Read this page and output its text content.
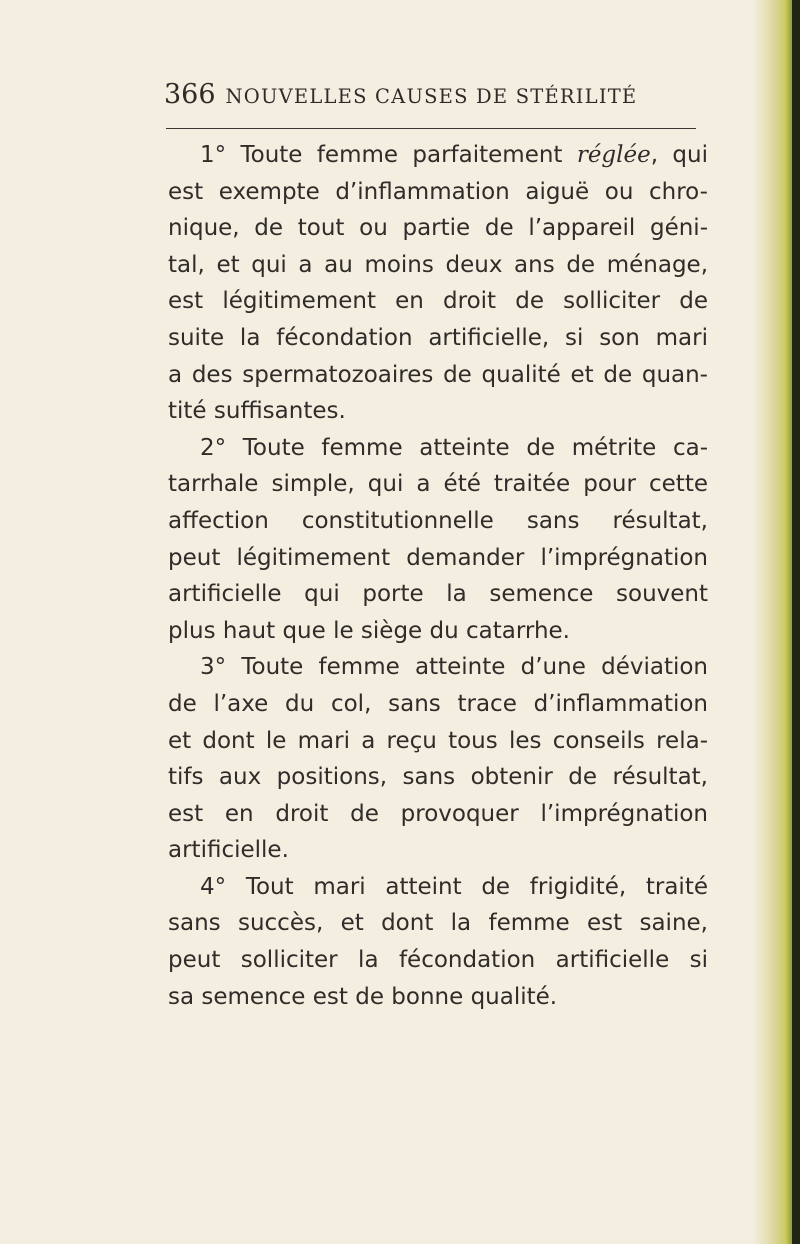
366 NOUVELLES CAUSES DE STÉRILITÉ
1° Toute femme parfaitement réglée, qui
est exempte d’inflammation aiguë ou chro-
nique, de tout ou partie de l’appareil géni-
tal, et qui a au moins deux ans de ménage,
est légitimement en droit de solliciter de
suite la fécondation artificielle, si son mari
a des spermatozoaires de qualité et de quan-
tité suffisantes.
2° Toute femme atteinte de métrite ca-
tarrhale simple, qui a été traitée pour cette
affection constitutionnelle sans résultat,
peut légitimement demander l’imprégnation
artificielle qui porte la semence souvent
plus haut que le siège du catarrhe.
3° Toute femme atteinte d’une déviation
de l’axe du col, sans trace d’inflammation
et dont le mari a reçu tous les conseils rela-
tifs aux positions, sans obtenir de résultat,
est en droit de provoquer l’imprégnation
artificielle.
4° Tout mari atteint de frigidité, traité
sans succès, et dont la femme est saine,
peut solliciter la fécondation artificielle si
sa semence est de bonne qualité.
